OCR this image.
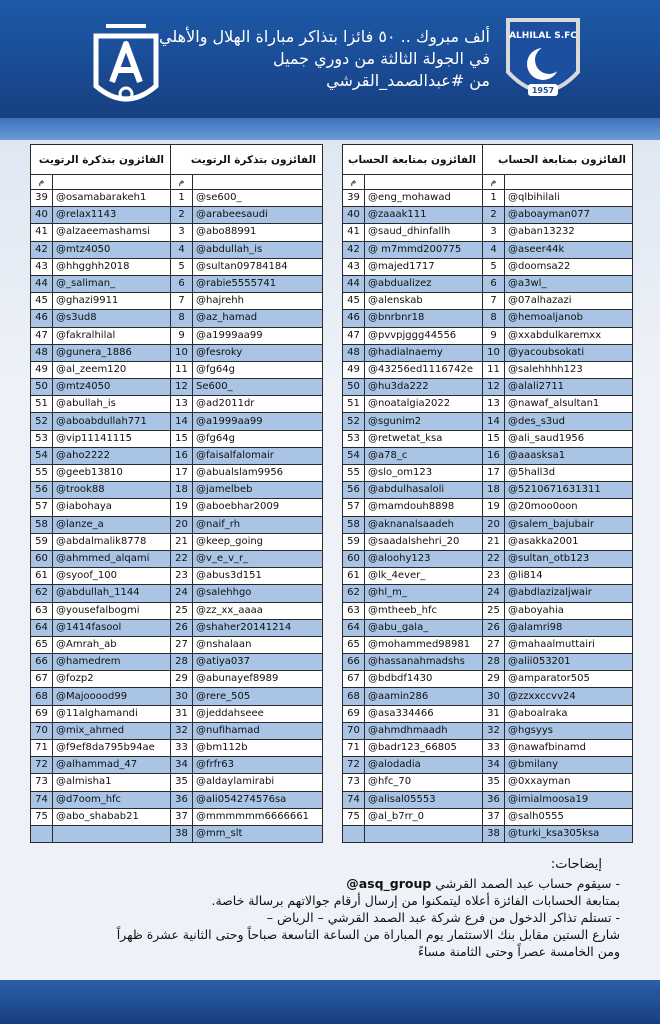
ألف مبروك .. ٥٠ فائزا بتذاكر مباراة الهلال والأهلي
في الجولة الثالثة من دوري جميل
من #عبدالصمد_القرشي
ALHILAL S.FC
1957
الفائزون بتذكرة الرتويت		الفائزون بتذكرة الرتويت	
م		م	
39	@osamabarakeh1	1	@se600_
40	@relax1143	2	@arabeesaudi
41	@alzaeemashamsi	3	@abo88991
42	@mtz4050	4	@abdullah_is
43	@hhgghh2018	5	@sultan09784184
44	@_saliman_	6	@rabie5555741
45	@ghazi9911	7	@hajrehh
46	@s3ud8	8	@az_hamad
47	@fakralhilal	9	@a1999aa99
48	@gunera_1886	10	@fesroky
49	@al_zeem120	11	@fg64g
50	@mtz4050	12	Se600_
51	@abullah_is	13	@ad2011dr
52	@aboabdullah771	14	@a1999aa99
53	@vip11141115	15	@fg64g
54	@aho2222	16	@faisalfalomair
55	@geeb13810	17	@abualslam9956
56	@trook88	18	@jamelbeb
57	@iabohaya	19	@aboebhar2009
58	@lanze_a	20	@naif_rh
59	@abdalmalik8778	21	@keep_going
60	@ahmmed_alqami	22	@v_e_v_r_
61	@syoof_100	23	@abus3d151
62	@abdullah_1144	24	@salehhgo
63	@yousefalbogmi	25	@zz_xx_aaaa
64	@1414fasool	26	@shaher20141214
65	@Amrah_ab	27	@nshalaan
66	@hamedrem	28	@atiya037
67	@fozp2	29	@abunayef8989
68	@Majooood99	30	@rere_505
69	@11alghamandi	31	@jeddahseee
70	@mix_ahmed	32	@nufihamad
71	@f9ef8da795b94ae	33	@bm112b
72	@alhammad_47	34	@frfr63
73	@almisha1	35	@aldaylamirabi
74	@d7oom_hfc	36	@ali054274576sa
75	@abo_shabab21	37	@mmmmmm6666661
		38	@mm_slt
الفائزون بمتابعة الحساب		الفائزون بمتابعة الحساب	
م		م	
39	@eng_mohawad	1	@qlbihilali
40	@zaaak111	2	@aboayman077
41	@saud_dhinfallh	3	@aban13232
42	@ m7mmd200775	4	@aseer44k
43	@majed1717	5	@doomsa22
44	@abdualizez	6	@a3wl_
45	@alenskab	7	@07alhazazi
46	@bnrbnr18	8	@hemoaljanob
47	@pvvpjggg44556	9	@xxabdulkaremxx
48	@hadialnaemy	10	@yacoubsokati
49	@43256ed1116742e	11	@salehhhh123
50	@hu3da222	12	@alali2711
51	@noatalgia2022	13	@nawaf_alsultan1
52	@sgunim2	14	@des_s3ud
53	@retwetat_ksa	15	@ali_saud1956
54	@a78_c	16	@aaasksa1
55	@slo_om123	17	@5hall3d
56	@abdulhasaloli	18	@5210671631311
57	@mamdouh8898	19	@20moo0oon
58	@aknanalsaadeh	20	@salem_bajubair
59	@saadalshehri_20	21	@asakka2001
60	@aloohy123	22	@sultan_otb123
61	@lk_4ever_	23	@li814
62	@hl_m_	24	@abdlazizaljwair
63	@mtheeb_hfc	25	@aboyahia
64	@abu_gala_	26	@alamri98
65	@mohammed98981	27	@mahaalmuttairi
66	@hassanahmadshs	28	@alii053201
67	@bdbdf1430	29	@amparator505
68	@aamin286	30	@zzxxccvv24
69	@asa334466	31	@aboalraka
70	@ahmdhmaadh	32	@hgsyys
71	@badr123_66805	33	@nawafbinamd
72	@alodadia	34	@bmilany
73	@hfc_70	35	@0xxayman
74	@alisal05553	36	@imialmoosa19
75	@al_b7rr_0	37	@salh0555
		38	@turki_ksa305ksa
إيضاحات:
- سيقوم حساب عبد الصمد القرشي @asq_group
بمتابعة الحسابات الفائزة أعلاه ليتمكنوا من إرسال أرقام جوالاتهم برسالة خاصة.
- تستلم تذاكر الدخول من فرع شركة عبد الصمد القرشي – الرياض –
شارع الستين مقابل بنك الاستثمار يوم المباراة من الساعة التاسعة صباحاً وحتى الثانية عشرة ظهراً
ومن الخامسة عصراً وحتى الثامنة مساءً
